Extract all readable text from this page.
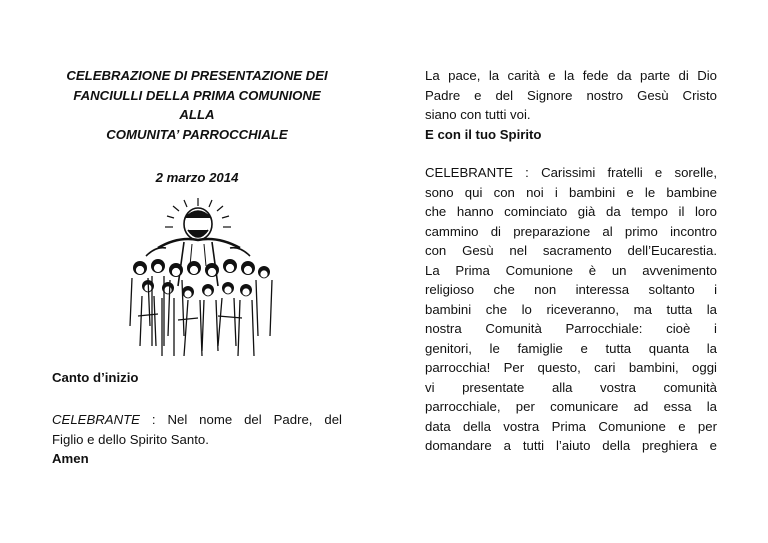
CELEBRAZIONE DI PRESENTAZIONE DEI
FANCIULLI DELLA PRIMA COMUNIONE
ALLA
COMUNITA’ PARROCCHIALE
2 marzo 2014
Canto d’inizio
CELEBRANTE : Nel nome del Padre, del
Figlio e dello Spirito Santo.
Amen
La pace, la carità e la fede da parte di Dio
Padre e del Signore nostro Gesù Cristo
siano con tutti voi.
E con il tuo Spirito
CELEBRANTE : Carissimi fratelli e sorelle,
sono qui con noi i bambini e le bambine
che hanno cominciato già da tempo il loro
cammino di preparazione al primo incontro
con Gesù nel sacramento dell’Eucarestia.
La Prima Comunione è un avvenimento
religioso che non interessa soltanto i
bambini che lo riceveranno, ma tutta la
nostra Comunità Parrocchiale: cioè i
genitori, le famiglie e tutta quanta la
parrocchia! Per questo, cari bambini, oggi
vi presentate alla vostra comunità
parrocchiale, per comunicare ad essa la
data della vostra Prima Comunione e per
domandare a tutti l’aiuto della preghiera e
